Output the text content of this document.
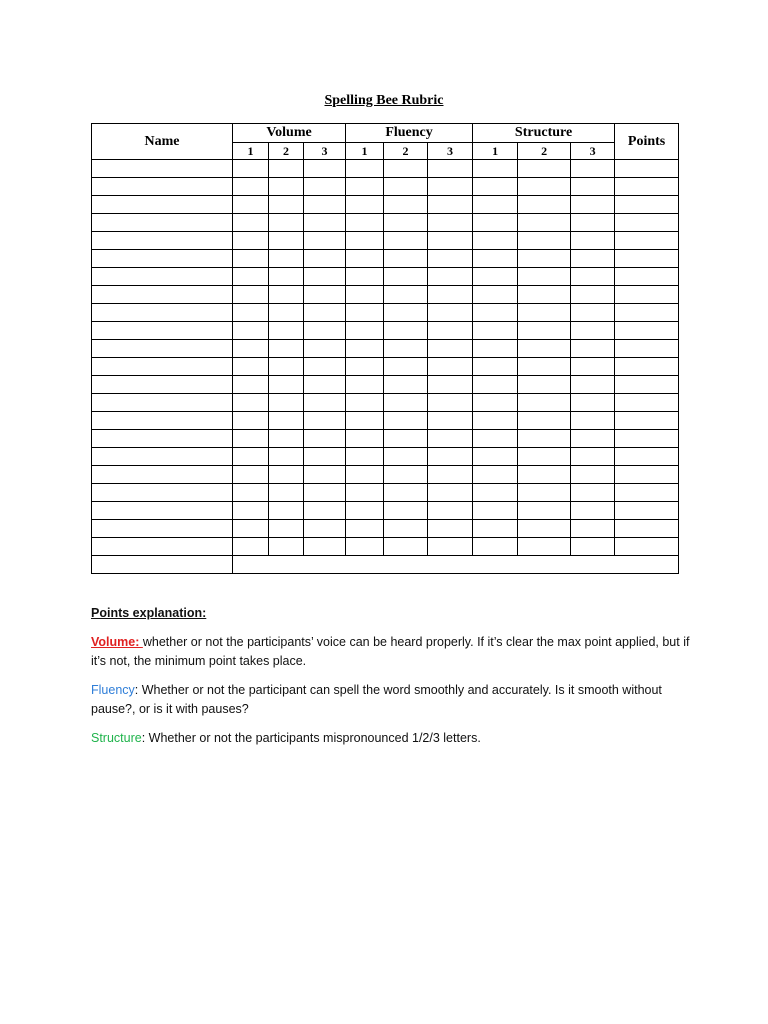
Spelling Bee Rubric
Name	Volume			Fluency			Structure			Points
	1	2	3	1	2	3	1	2	3	

Points explanation:

Volume: whether or not the participants’ voice can be heard properly. If it’s clear the max point applied, but if it’s not, the minimum point takes place.

Fluency: Whether or not the participant can spell the word smoothly and accurately. Is it smooth without pause?, or is it with pauses?

Structure: Whether or not the participants mispronounced 1/2/3 letters.
